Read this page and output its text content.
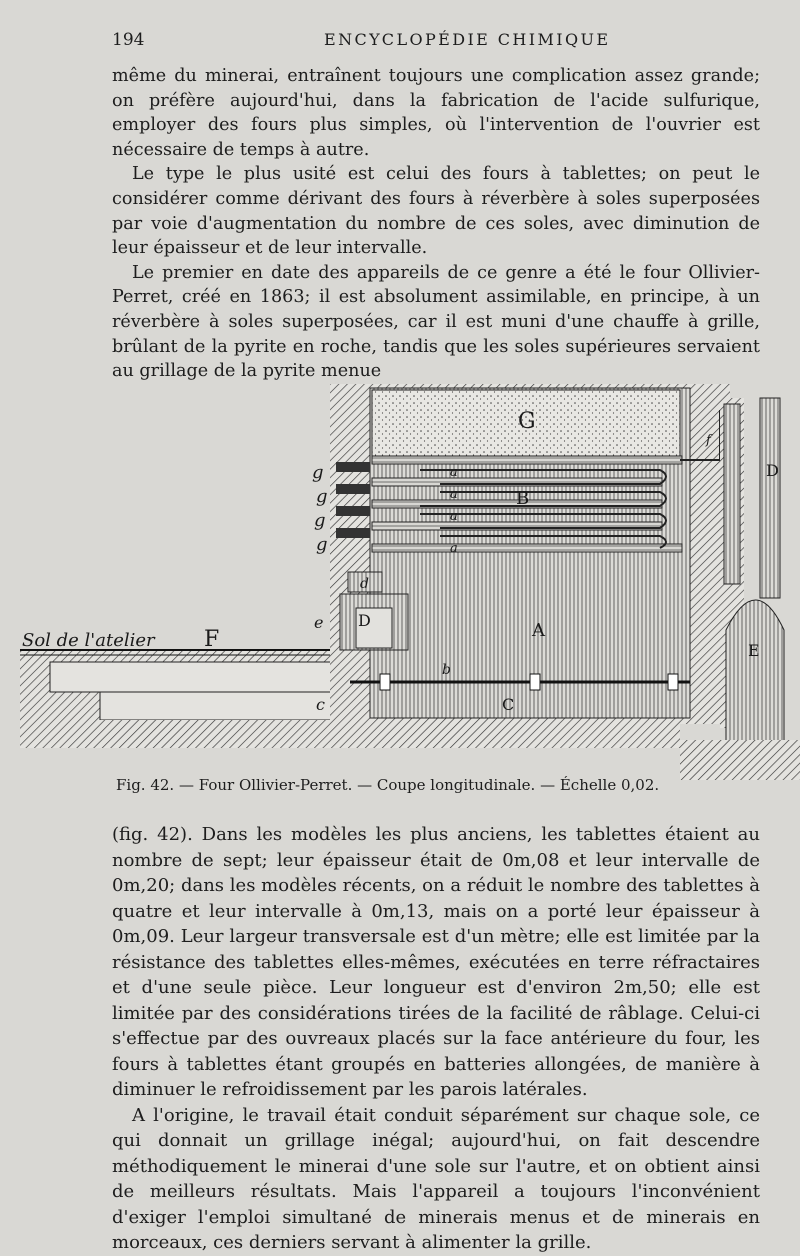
194	ENCYCLOPÉDIE CHIMIQUE

même du minerai, entraînent toujours une complication assez grande; on préfère aujourd'hui, dans la fabrication de l'acide sulfurique, employer des fours plus simples, où l'intervention de l'ouvrier est nécessaire de temps à autre.

Le type le plus usité est celui des fours à tablettes; on peut le considérer comme dérivant des fours à réverbère à soles superposées par voie d'augmentation du nombre de ces soles, avec diminution de leur épaisseur et de leur intervalle.

Le premier en date des appareils de ce genre a été le four Ollivier-Perret, créé en 1863; il est absolument assimilable, en principe, à un réverbère à soles superposées, car il est muni d'une chauffe à grille, brûlant de la pyrite en roche, tandis que les soles supérieures servaient au grillage de la pyrite menue

G
B
A
C
D
D
E
F
d
e
b
c
a
a
a
a
f
g
g
g
g
Sol de l'atelier
Fig. 42. — Four Ollivier-Perret. — Coupe longitudinale. — Échelle 0,02.

(fig. 42). Dans les modèles les plus anciens, les tablettes étaient au nombre de sept; leur épaisseur était de 0m,08 et leur intervalle de 0m,20; dans les modèles récents, on a réduit le nombre des tablettes à quatre et leur intervalle à 0m,13, mais on a porté leur épaisseur à 0m,09. Leur largeur transversale est d'un mètre; elle est limitée par la résistance des tablettes elles-mêmes, exécutées en terre réfractaires et d'une seule pièce. Leur longueur est d'environ 2m,50; elle est limitée par des considérations tirées de la facilité de râblage. Celui-ci s'effectue par des ouvreaux placés sur la face antérieure du four, les fours à tablettes étant groupés en batteries allongées, de manière à diminuer le refroidissement par les parois latérales.

A l'origine, le travail était conduit séparément sur chaque sole, ce qui donnait un grillage inégal; aujourd'hui, on fait descendre méthodiquement le minerai d'une sole sur l'autre, et on obtient ainsi de meilleurs résultats. Mais l'appareil a toujours l'inconvénient d'exiger l'emploi simultané de minerais menus et de minerais en morceaux, ces derniers servant à alimenter la grille.
